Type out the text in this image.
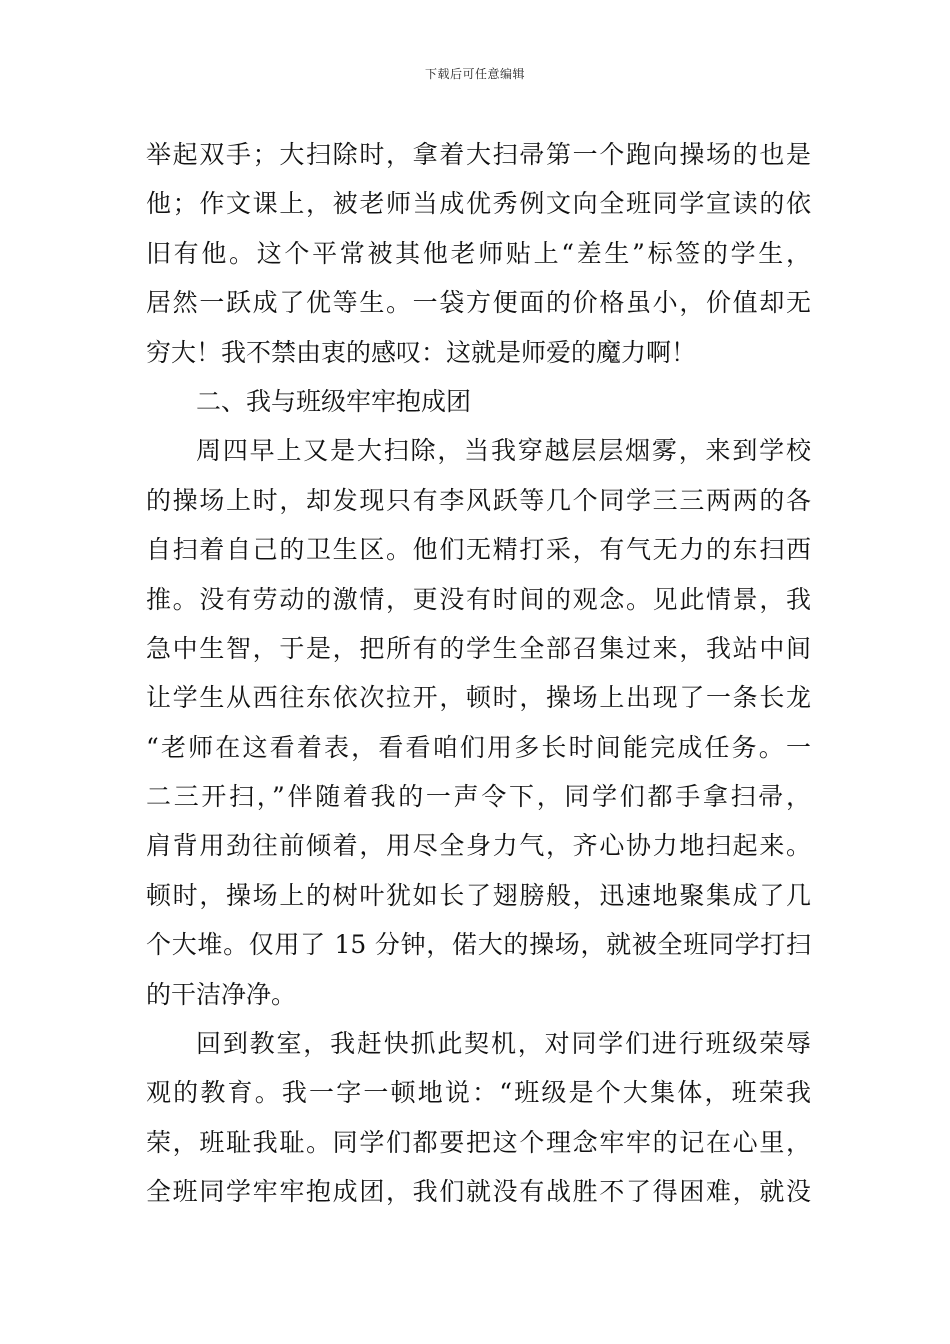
下载后可任意编辑
举起双手；大扫除时，拿着大扫帚第一个跑向操场的也是
他；作文课上，被老师当成优秀例文向全班同学宣读的依
旧有他。这个平常被其他老师贴上“差生”标签的学生，
居然一跃成了优等生。一袋方便面的价格虽小，价值却无
穷大！我不禁由衷的感叹：这就是师爱的魔力啊！
二、我与班级牢牢抱成团
周四早上又是大扫除，当我穿越层层烟雾，来到学校
的操场上时，却发现只有李风跃等几个同学三三两两的各
自扫着自己的卫生区。他们无精打采，有气无力的东扫西
推。没有劳动的激情，更没有时间的观念。见此情景，我
急中生智，于是，把所有的学生全部召集过来，我站中间
让学生从西往东依次拉开，顿时，操场上出现了一条长龙
“老师在这看着表，看看咱们用多长时间能完成任务。一
二三开扫，”伴随着我的一声令下，同学们都手拿扫帚，
肩背用劲往前倾着，用尽全身力气，齐心协力地扫起来。
顿时，操场上的树叶犹如长了翅膀般，迅速地聚集成了几
个大堆。仅用了 15 分钟，偌大的操场，就被全班同学打扫
的干洁净净。
回到教室，我赶快抓此契机，对同学们进行班级荣辱
观的教育。我一字一顿地说：“班级是个大集体，班荣我
荣，班耻我耻。同学们都要把这个理念牢牢的记在心里，
全班同学牢牢抱成团，我们就没有战胜不了得困难，就没
